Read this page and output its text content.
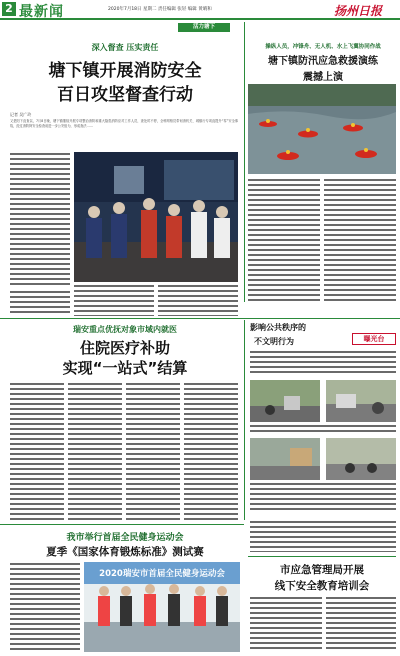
2 最新闻	2020年7月18日 星期二 责任编辑 张轻 编辑 黄晴和	扬州日报
活力塘下
深入督查 压实责任
塘下镇开展消防安全
百日攻坚督查行动
记者 吴广玲
又是阳下直查以，7月8日晚，塘下镇继续开展专项整治消防和重大隐患消防应对工作人员，查处时不停，全科网格员带何消机关、城镇行专项直提升“零”安全事故，经过消防阿安全检查前进一步公安组为，形成查法……
操纵人员，冲锋舟、无人机、水上飞翼协同作战
塘下镇防汛应急救援演练
震撼上演
瑞安重点优抚对象市域内就医
住院医疗补助
实现“一站式”结算
影响公共秩序的
不文明行为	曝光台
我市举行首届全民健身运动会
夏季《国家体育锻炼标准》测试赛
2020瑞安市首届全民健身运动会	市应急管理局开展
线下安全教育培训会
